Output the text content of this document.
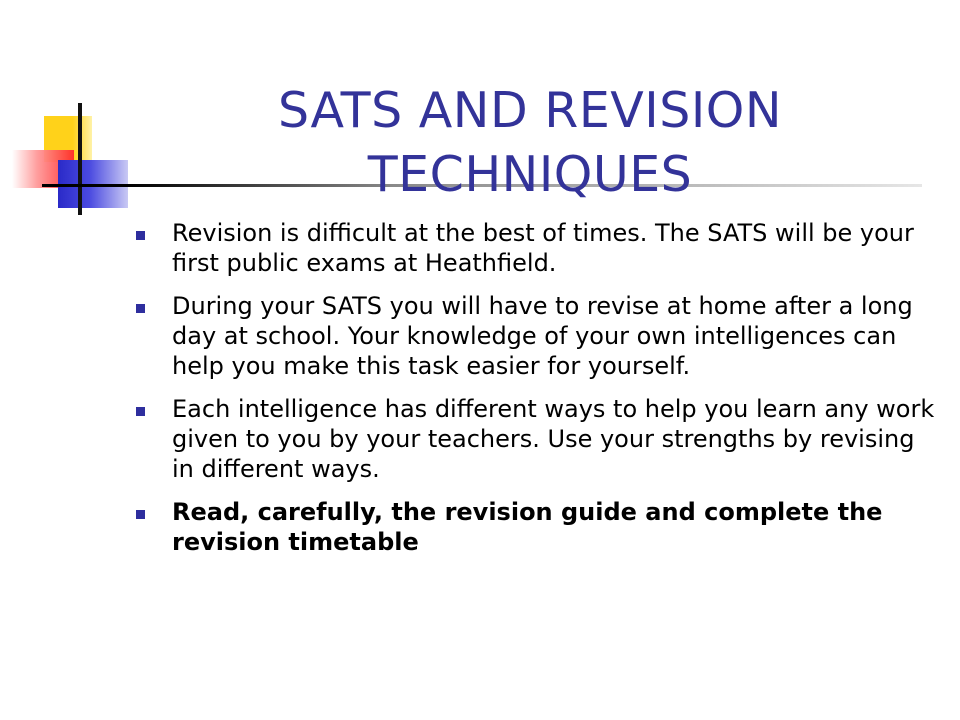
SATS AND REVISION
TECHNIQUES
Revision is difficult at the best of times. The SATS will be your first public exams at Heathfield.
During your SATS you will have to revise at home after a long day at school. Your knowledge of your own intelligences can help you make this task easier for yourself.
Each intelligence has different ways to help you learn any work given to you by your teachers. Use your strengths by revising in different ways.
Read, carefully, the revision guide and complete the revision timetable
